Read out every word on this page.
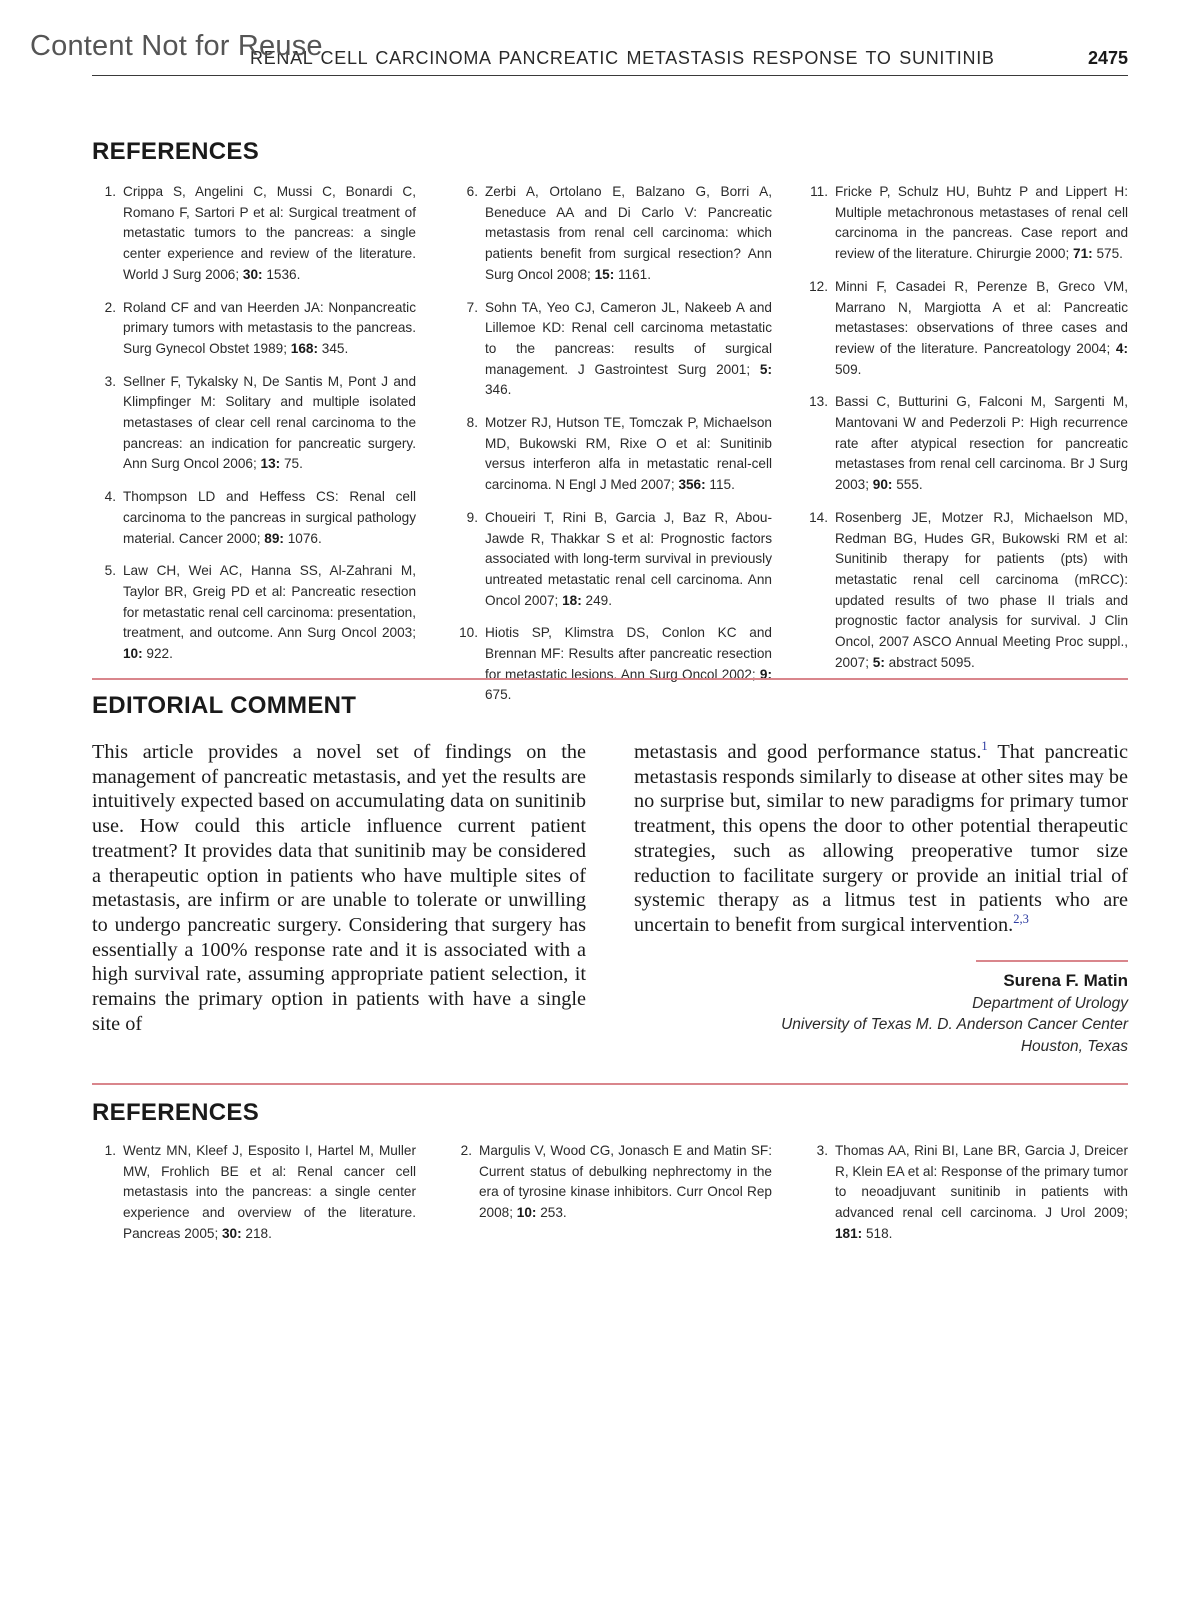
Content Not for Reuse
RENAL CELL CARCINOMA PANCREATIC METASTASIS RESPONSE TO SUNITINIB	2475
REFERENCES
1. Crippa S, Angelini C, Mussi C, Bonardi C, Romano F, Sartori P et al: Surgical treatment of metastatic tumors to the pancreas: a single center experience and review of the literature. World J Surg 2006; 30: 1536.
2. Roland CF and van Heerden JA: Nonpancreatic primary tumors with metastasis to the pancreas. Surg Gynecol Obstet 1989; 168: 345.
3. Sellner F, Tykalsky N, De Santis M, Pont J and Klimpfinger M: Solitary and multiple isolated metastases of clear cell renal carcinoma to the pancreas: an indication for pancreatic surgery. Ann Surg Oncol 2006; 13: 75.
4. Thompson LD and Heffess CS: Renal cell carcinoma to the pancreas in surgical pathology material. Cancer 2000; 89: 1076.
5. Law CH, Wei AC, Hanna SS, Al-Zahrani M, Taylor BR, Greig PD et al: Pancreatic resection for metastatic renal cell carcinoma: presentation, treatment, and outcome. Ann Surg Oncol 2003; 10: 922.
6. Zerbi A, Ortolano E, Balzano G, Borri A, Beneduce AA and Di Carlo V: Pancreatic metastasis from renal cell carcinoma: which patients benefit from surgical resection? Ann Surg Oncol 2008; 15: 1161.
7. Sohn TA, Yeo CJ, Cameron JL, Nakeeb A and Lillemoe KD: Renal cell carcinoma metastatic to the pancreas: results of surgical management. J Gastrointest Surg 2001; 5: 346.
8. Motzer RJ, Hutson TE, Tomczak P, Michaelson MD, Bukowski RM, Rixe O et al: Sunitinib versus interferon alfa in metastatic renal-cell carcinoma. N Engl J Med 2007; 356: 115.
9. Choueiri T, Rini B, Garcia J, Baz R, Abou-Jawde R, Thakkar S et al: Prognostic factors associated with long-term survival in previously untreated metastatic renal cell carcinoma. Ann Oncol 2007; 18: 249.
10. Hiotis SP, Klimstra DS, Conlon KC and Brennan MF: Results after pancreatic resection for metastatic lesions. Ann Surg Oncol 2002; 9: 675.
11. Fricke P, Schulz HU, Buhtz P and Lippert H: Multiple metachronous metastases of renal cell carcinoma in the pancreas. Case report and review of the literature. Chirurgie 2000; 71: 575.
12. Minni F, Casadei R, Perenze B, Greco VM, Marrano N, Margiotta A et al: Pancreatic metastases: observations of three cases and review of the literature. Pancreatology 2004; 4: 509.
13. Bassi C, Butturini G, Falconi M, Sargenti M, Mantovani W and Pederzoli P: High recurrence rate after atypical resection for pancreatic metastases from renal cell carcinoma. Br J Surg 2003; 90: 555.
14. Rosenberg JE, Motzer RJ, Michaelson MD, Redman BG, Hudes GR, Bukowski RM et al: Sunitinib therapy for patients (pts) with metastatic renal cell carcinoma (mRCC): updated results of two phase II trials and prognostic factor analysis for survival. J Clin Oncol, 2007 ASCO Annual Meeting Proc suppl., 2007; 5: abstract 5095.
EDITORIAL COMMENT

This article provides a novel set of findings on the management of pancreatic metastasis, and yet the results are intuitively expected based on accumulating data on sunitinib use. How could this article influence current patient treatment? It provides data that sunitinib may be considered a therapeutic option in patients who have multiple sites of metastasis, are infirm or are unable to tolerate or unwilling to undergo pancreatic surgery. Considering that surgery has essentially a 100% response rate and it is associated with a high survival rate, assuming appropriate patient selection, it remains the primary option in patients with have a single site of

metastasis and good performance status.$^1$ That pancreatic metastasis responds similarly to disease at other sites may be no surprise but, similar to new paradigms for primary tumor treatment, this opens the door to other potential therapeutic strategies, such as allowing preoperative tumor size reduction to facilitate surgery or provide an initial trial of systemic therapy as a litmus test in patients who are uncertain to benefit from surgical intervention.$^{2,3}$

Surena F. Matin
Department of Urology
University of Texas M. D. Anderson Cancer Center
Houston, Texas
REFERENCES
1. Wentz MN, Kleef J, Esposito I, Hartel M, Muller MW, Frohlich BE et al: Renal cancer cell metastasis into the pancreas: a single center experience and overview of the literature. Pancreas 2005; 30: 218.
2. Margulis V, Wood CG, Jonasch E and Matin SF: Current status of debulking nephrectomy in the era of tyrosine kinase inhibitors. Curr Oncol Rep 2008; 10: 253.
3. Thomas AA, Rini BI, Lane BR, Garcia J, Dreicer R, Klein EA et al: Response of the primary tumor to neoadjuvant sunitinib in patients with advanced renal cell carcinoma. J Urol 2009; 181: 518.
